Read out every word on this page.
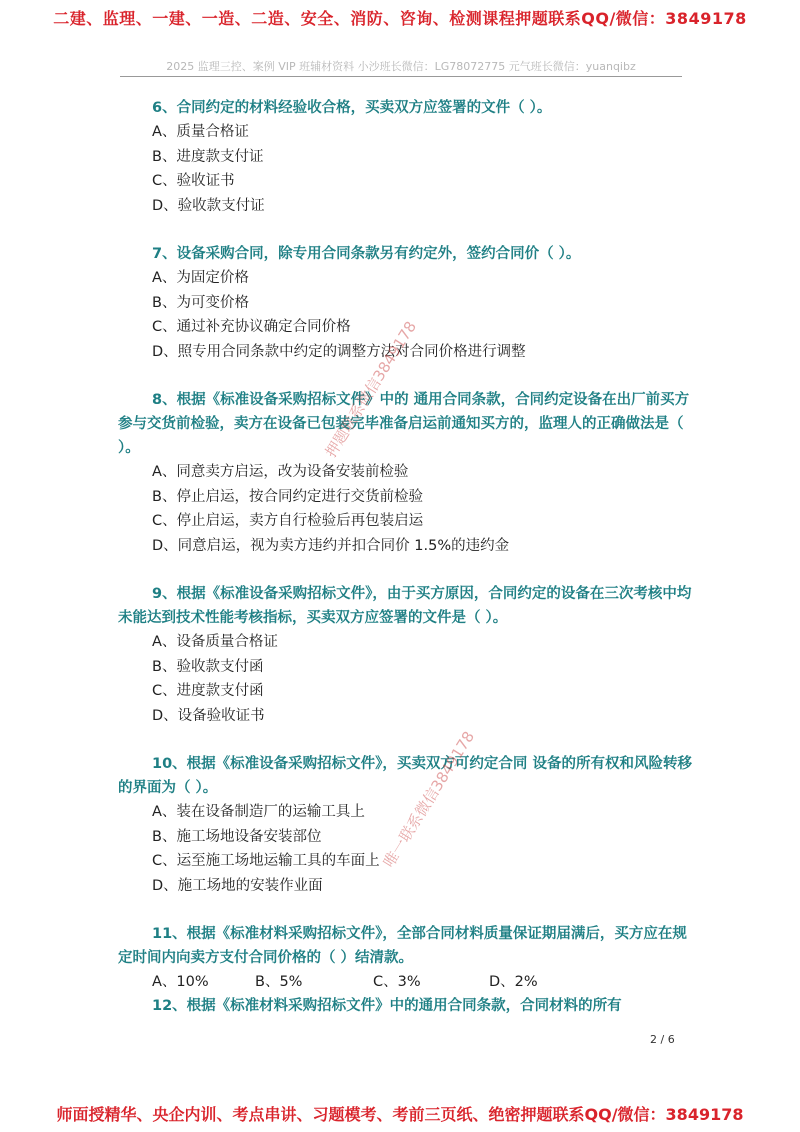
二建、监理、一建、一造、二造、安全、消防、咨询、检测课程押题联系QQ/微信：3849178
2025 监理三控、案例 VIP 班辅材资料 小沙班长微信：LG78072775 元气班长微信：yuanqibz
6、合同约定的材料经验收合格，买卖双方应签署的文件（ ）。
A、质量合格证
B、进度款支付证
C、验收证书
D、验收款支付证
7、设备采购合同，除专用合同条款另有约定外，签约合同价（ ）。
A、为固定价格
B、为可变价格
C、通过补充协议确定合同价格
D、照专用合同条款中约定的调整方法对合同价格进行调整
8、根据《标准设备采购招标文件》中的 通用合同条款，合同约定设备在出厂前买方参与交货前检验，卖方在设备已包装完毕准备启运前通知买方的，监理人的正确做法是（ ）。
A、同意卖方启运，改为设备安装前检验
B、停止启运，按合同约定进行交货前检验
C、停止启运，卖方自行检验后再包装启运
D、同意启运，视为卖方违约并扣合同价 1.5%的违约金
9、根据《标准设备采购招标文件》，由于买方原因，合同约定的设备在三次考核中均未能达到技术性能考核指标，买卖双方应签署的文件是（ ）。
A、设备质量合格证
B、验收款支付函
C、进度款支付函
D、设备验收证书
10、根据《标准设备采购招标文件》，买卖双方可约定合同 设备的所有权和风险转移的界面为（ ）。
A、装在设备制造厂的运输工具上
B、施工场地设备安装部位
C、运至施工场地运输工具的车面上
D、施工场地的安装作业面
11、根据《标准材料采购招标文件》，全部合同材料质量保证期届满后，买方应在规定时间内向卖方支付合同价格的（ ）结清款。
A、10%	B、5%	C、3%	D、2%
12、根据《标准材料采购招标文件》中的通用合同条款，合同材料的所有
2 / 6
师面授精华、央企内训、考点串讲、习题模考、考前三页纸、绝密押题联系QQ/微信：3849178
押题联系微信3849178
唯一联系微信3849178
